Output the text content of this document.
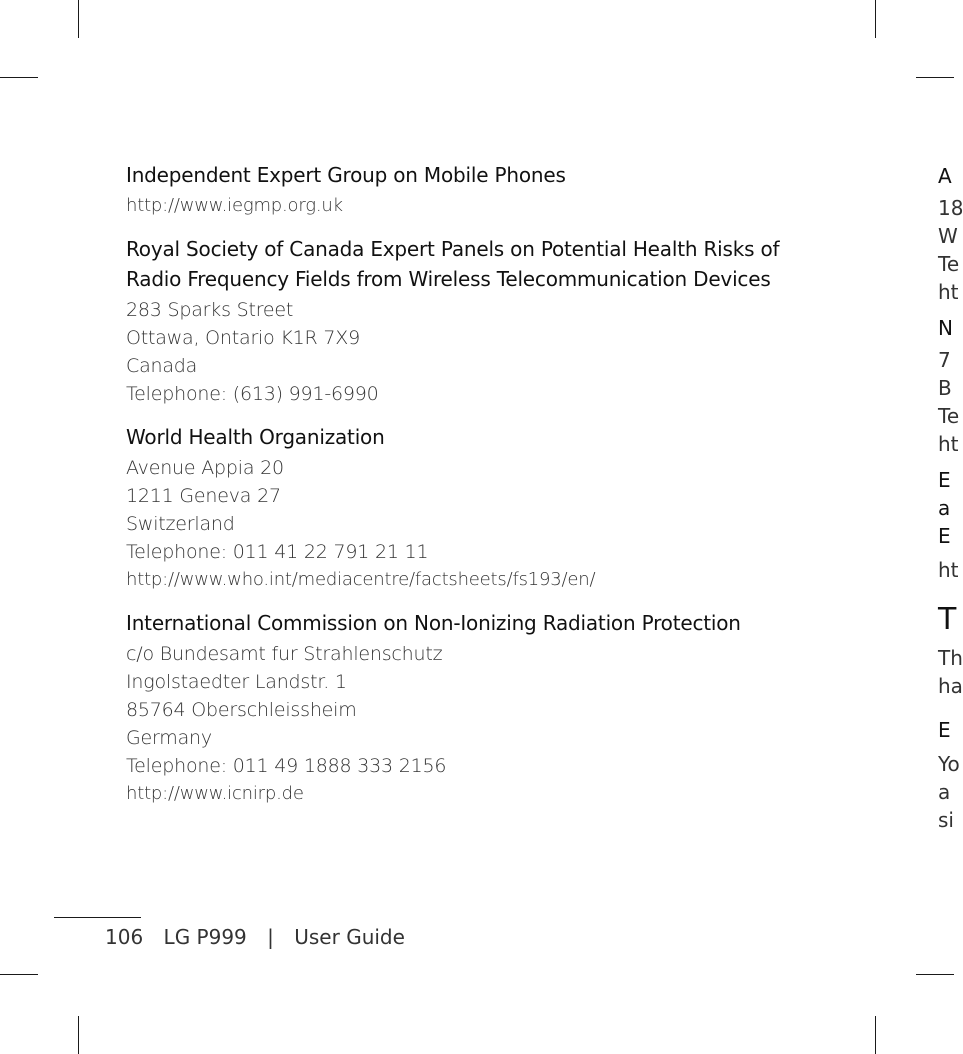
Independent Expert Group on Mobile Phones
http://www.iegmp.org.uk
Royal Society of Canada Expert Panels on Potential Health Risks of
Radio Frequency Fields from Wireless Telecommunication Devices
283 Sparks Street
Ottawa, Ontario K1R 7X9
Canada
Telephone: (613) 991-6990
World Health Organization
Avenue Appia 20
1211 Geneva 27
Switzerland
Telephone: 011 41 22 791 21 11
http://www.who.int/mediacentre/factsheets/fs193/en/
International Commission on Non-Ionizing Radiation Protection
c/o Bundesamt fur Strahlenschutz
Ingolstaedter Landstr. 1
85764 Oberschleissheim
Germany
Telephone: 011 49 1888 333 2156
http://www.icnirp.de
106 LG P999 | User Guide
A
18
W
Te
ht
N
7
B
Te
ht
E
a
E
ht
T
Th
ha
E
Yo
a
si
